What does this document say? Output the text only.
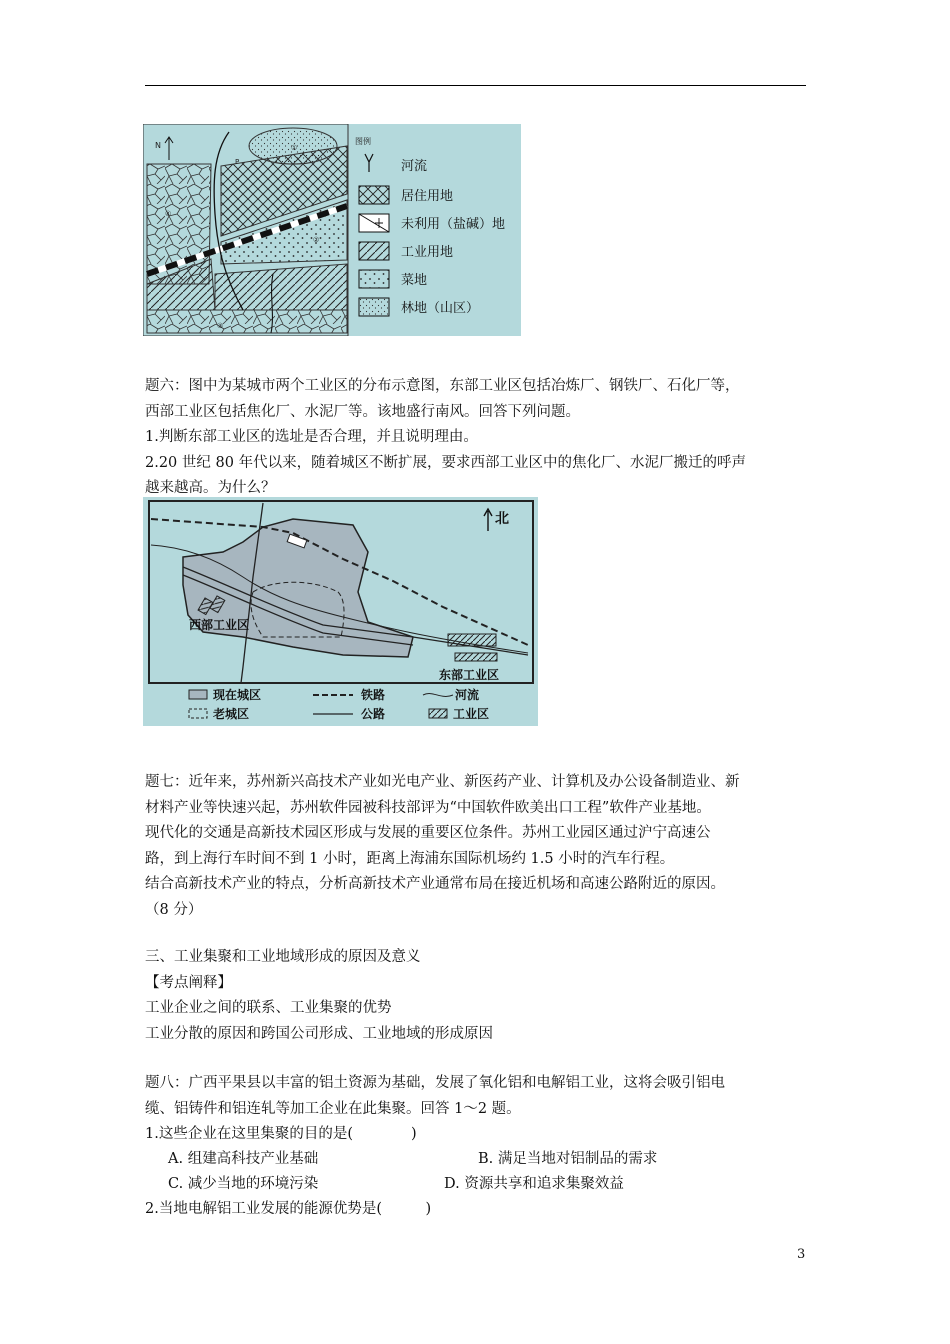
N
P
①
②
③
④
图例
河流
居住用地
未利用（盐碱）地
工业用地
菜地
林地（山区）
题六：图中为某城市两个工业区的分布示意图，东部工业区包括冶炼厂、钢铁厂、石化厂等，
西部工业区包括焦化厂、水泥厂等。该地盛行南风。回答下列问题。
1.判断东部工业区的选址是否合理，并且说明理由。
2.20 世纪 80 年代以来，随着城区不断扩展，要求西部工业区中的焦化厂、水泥厂搬迁的呼声
越来越高。为什么？
西部工业区
东部工业区
北
现在城区	铁路	河流
老城区	公路	工业区
题七：近年来，苏州新兴高技术产业如光电产业、新医药产业、计算机及办公设备制造业、新
材料产业等快速兴起，苏州软件园被科技部评为“中国软件欧美出口工程”软件产业基地。
现代化的交通是高新技术园区形成与发展的重要区位条件。苏州工业园区通过沪宁高速公
路，到上海行车时间不到 1 小时，距离上海浦东国际机场约 1.5 小时的汽车行程。
结合高新技术产业的特点，分析高新技术产业通常布局在接近机场和高速公路附近的原因。
（8 分）
三、工业集聚和工业地域形成的原因及意义
【考点阐释】
工业企业之间的联系、工业集聚的优势
工业分散的原因和跨国公司形成、工业地域的形成原因
题八：广西平果县以丰富的铝土资源为基础，发展了氧化铝和电解铝工业，这将会吸引铝电
缆、铝铸件和铝连轧等加工企业在此集聚。回答 1～2 题。
1.这些企业在这里集聚的目的是(　　　　)
A. 组建高科技产业基础	B. 满足当地对铝制品的需求
C. 减少当地的环境污染	D. 资源共享和追求集聚效益
2.当地电解铝工业发展的能源优势是(　　　)
3
